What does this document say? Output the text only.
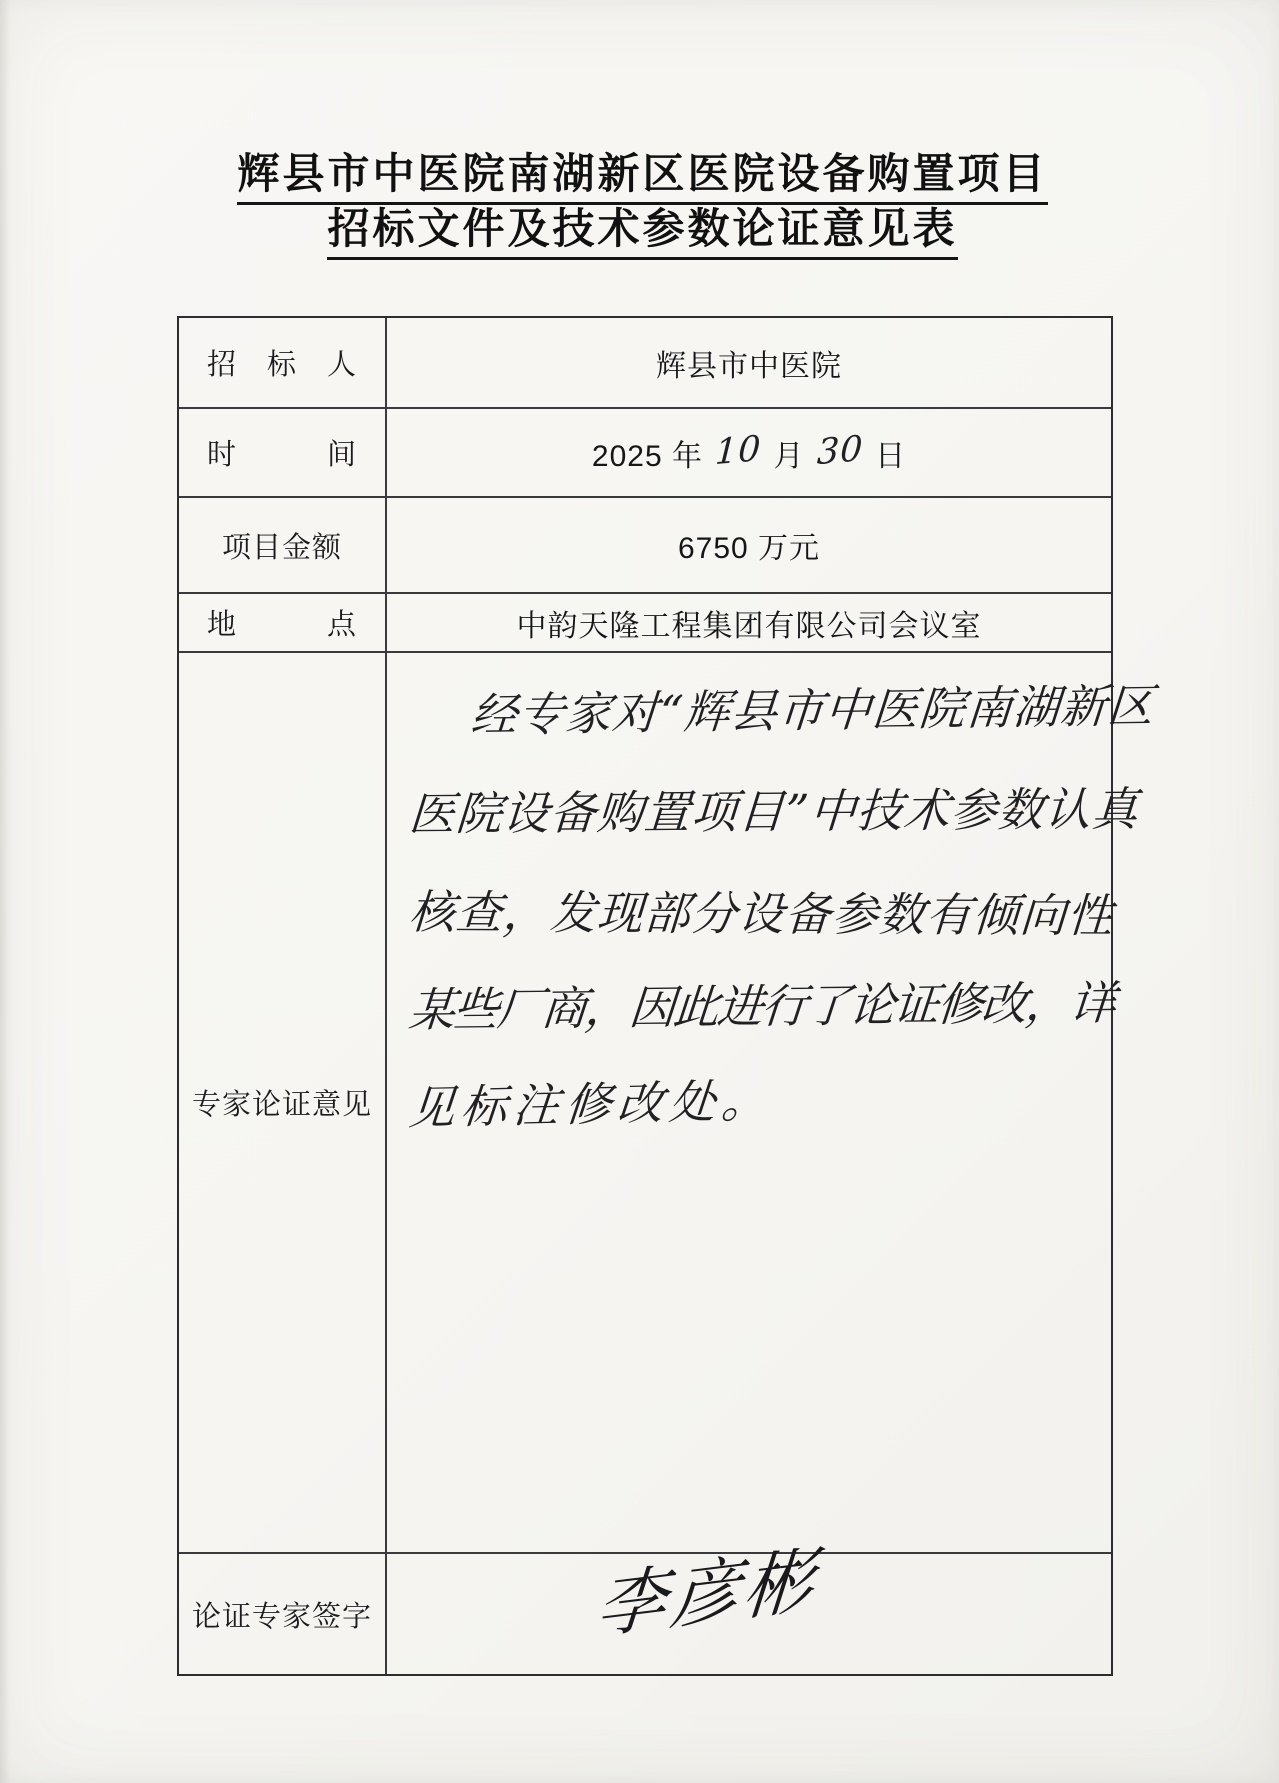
辉县市中医院南湖新区医院设备购置项目
招标文件及技术参数论证意见表
招　标　人	辉县市中医院
时　　　间	2025 年 10 月 30 日
项目金额	6750 万元
地　　　点	中韵天隆工程集团有限公司会议室
专家论证意见
经专家对“辉县市中医院南湖新区
医院设备购置项目”中技术参数认真
核查，发现部分设备参数有倾向性
某些厂商，因此进行了论证修改，详
见标注修改处。
论证专家签字	李彦彬
